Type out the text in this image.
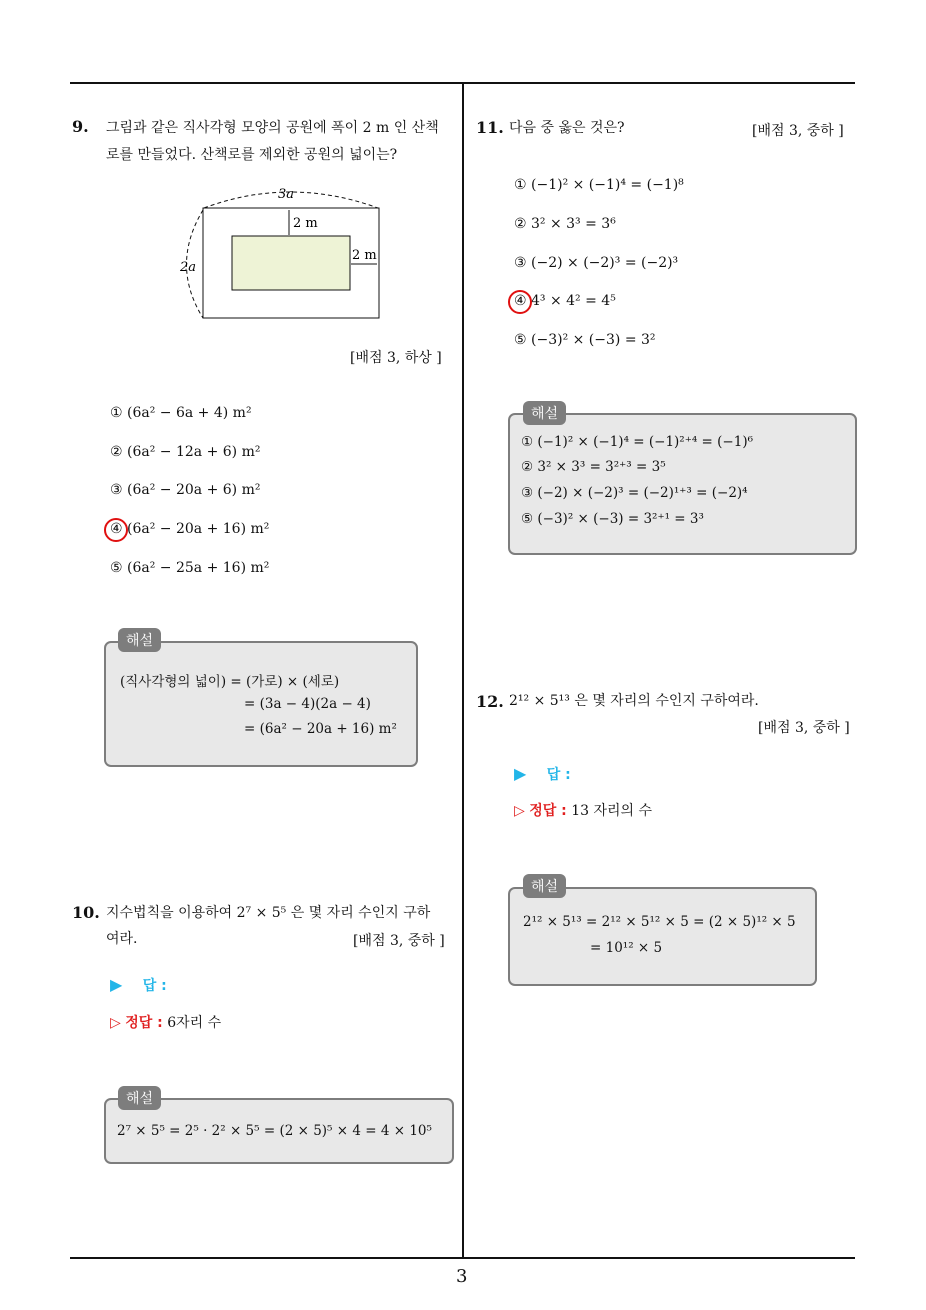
3
9. 그림과 같은 직사각형 모양의 공원에 폭이 2 m 인 산책
로를 만들었다. 산책로를 제외한 공원의 넓이는?
3a
2a
2 m
2 m
[배점 3, 하상 ]
① (6a² − 6a + 4) m²
② (6a² − 12a + 6) m²
③ (6a² − 20a + 6) m²
④ (6a² − 20a + 16) m²
⑤ (6a² − 25a + 16) m²
해설
(직사각형의 넓이) = (가로) × (세로)
= (3a − 4)(2a − 4)
= (6a² − 20a + 16) m²
10. 지수법칙을 이용하여 2⁷ × 5⁵ 은 몇 자리 수인지 구하
여라.	[배점 3, 중하 ]
▶ 답 :
▷ 정답 : 6자리 수
해설
2⁷ × 5⁵ = 2⁵ · 2² × 5⁵ = (2 × 5)⁵ × 4 = 4 × 10⁵
11. 다음 중 옳은 것은?	[배점 3, 중하 ]
① (−1)² × (−1)⁴ = (−1)⁸
② 3² × 3³ = 3⁶
③ (−2) × (−2)³ = (−2)³
④ 4³ × 4² = 4⁵
⑤ (−3)² × (−3) = 3²
해설
① (−1)² × (−1)⁴ = (−1)²⁺⁴ = (−1)⁶
② 3² × 3³ = 3²⁺³ = 3⁵
③ (−2) × (−2)³ = (−2)¹⁺³ = (−2)⁴
⑤ (−3)² × (−3) = 3²⁺¹ = 3³
12. 2¹² × 5¹³ 은 몇 자리의 수인지 구하여라.
[배점 3, 중하 ]
▶ 답 :
▷ 정답 : 13 자리의 수
해설
2¹² × 5¹³ = 2¹² × 5¹² × 5 = (2 × 5)¹² × 5
= 10¹² × 5
